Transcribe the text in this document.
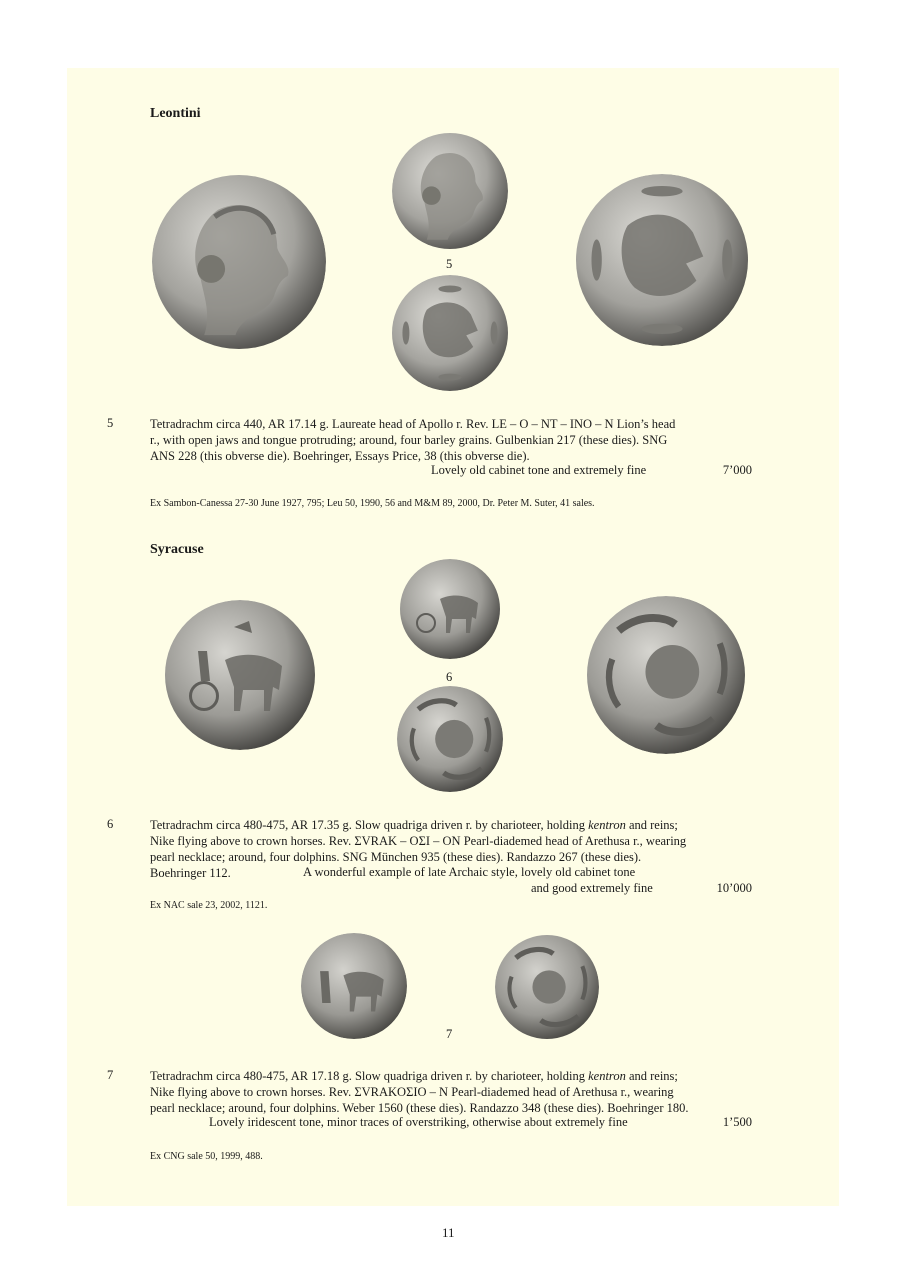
Leontini
5
5	Tetradrachm circa 440, AR 17.14 g. Laureate head of Apollo r. Rev. LE – O – NT – INO – N Lion’s head
r., with open jaws and tongue protruding; around, four barley grains. Gulbenkian 217 (these dies). SNG
ANS 228 (this obverse die). Boehringer, Essays Price, 38 (this obverse die).
Lovely old cabinet tone and extremely fine	7’000
Ex Sambon-Canessa 27-30 June 1927, 795; Leu 50, 1990, 56 and M&M 89, 2000, Dr. Peter M. Suter, 41 sales.
Syracuse
6
6	Tetradrachm circa 480-475, AR 17.35 g. Slow quadriga driven r. by charioteer, holding kentron and reins;
Nike flying above to crown horses. Rev. ΣVRAK – OΣI – ON Pearl-diademed head of Arethusa r., wearing
pearl necklace; around, four dolphins. SNG München 935 (these dies). Randazzo 267 (these dies).
Boehringer 112.	A wonderful example of late Archaic style, lovely old cabinet tone
and good extremely fine	10’000
Ex NAC sale 23, 2002, 1121.
7
7	Tetradrachm circa 480-475, AR 17.18 g. Slow quadriga driven r. by charioteer, holding kentron and reins;
Nike flying above to crown horses. Rev. ΣVRAKOΣIO – N Pearl-diademed head of Arethusa r., wearing
pearl necklace; around, four dolphins. Weber 1560 (these dies). Randazzo 348 (these dies). Boehringer 180.
Lovely iridescent tone, minor traces of overstriking, otherwise about extremely fine	1’500
Ex CNG sale 50, 1999, 488.
11
